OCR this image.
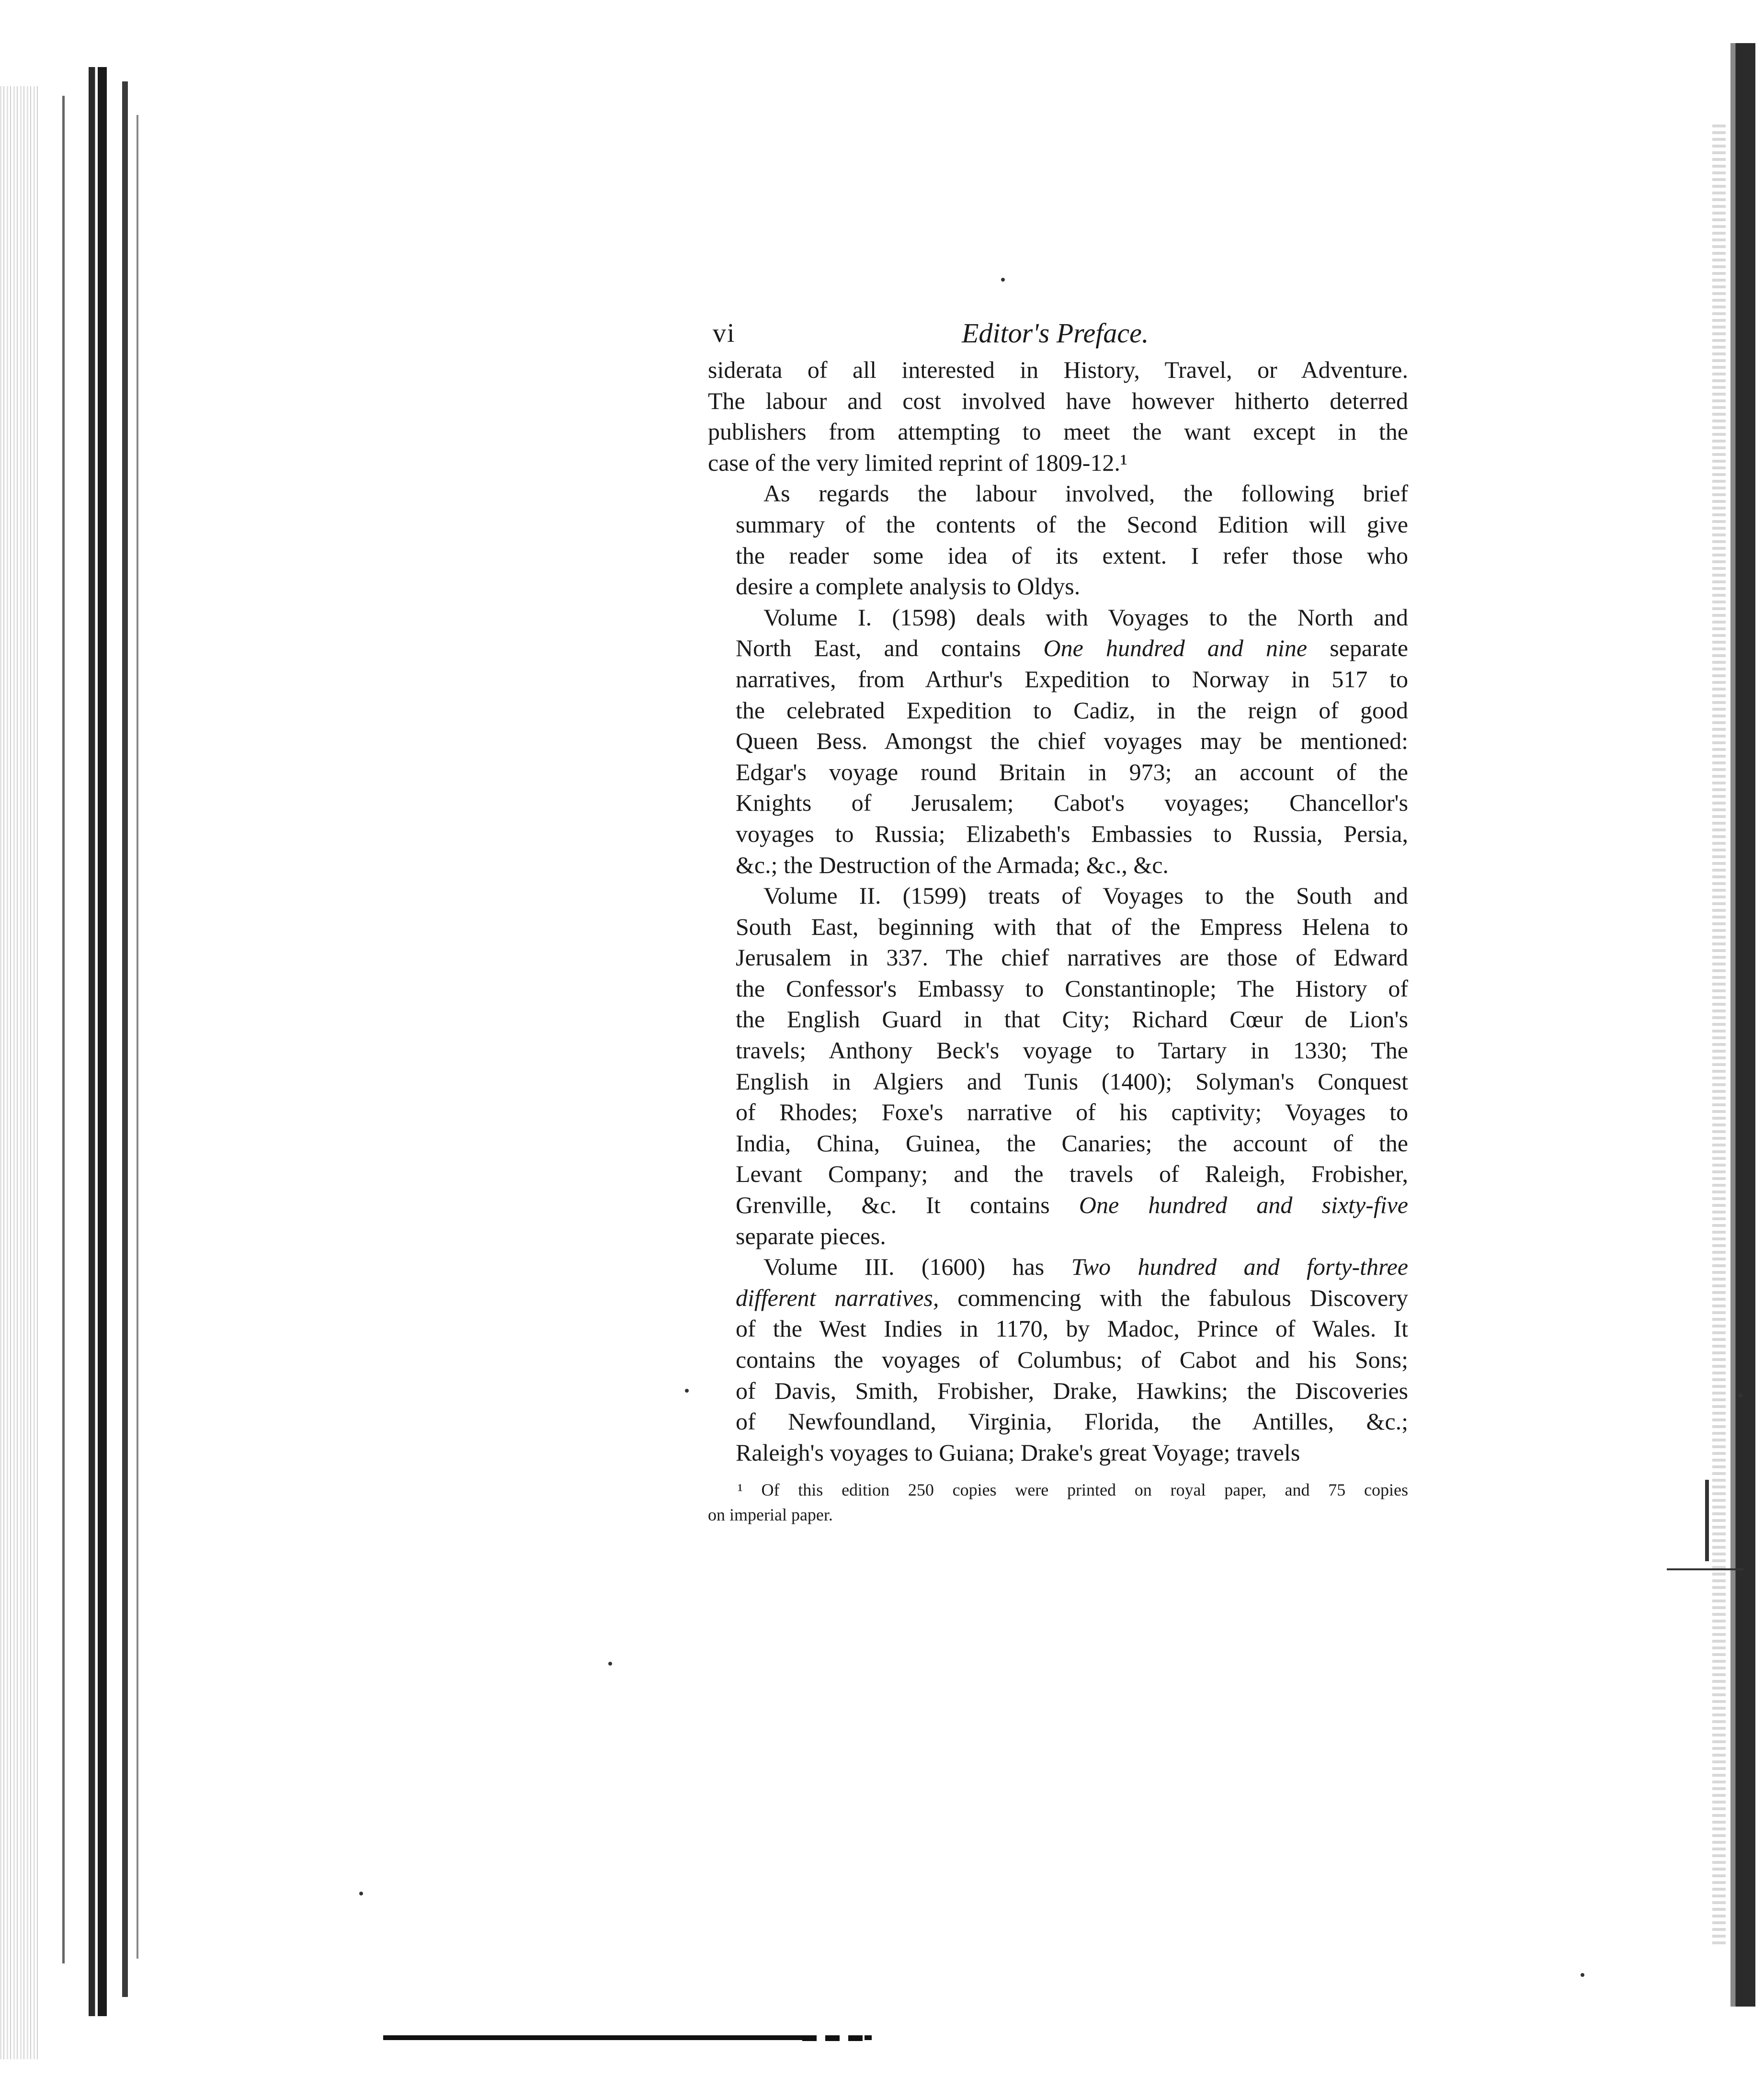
vi	Editor's Preface.

siderata of all interested in History, Travel, or Adventure.
The labour and cost involved have however hitherto deterred
publishers from attempting to meet the want except in the
case of the very limited reprint of 1809-12.¹

As regards the labour involved, the following brief
summary of the contents of the Second Edition will give
the reader some idea of its extent. I refer those who
desire a complete analysis to Oldys.

Volume I. (1598) deals with Voyages to the North and
North East, and contains One hundred and nine separate
narratives, from Arthur's Expedition to Norway in 517 to
the celebrated Expedition to Cadiz, in the reign of good
Queen Bess. Amongst the chief voyages may be mentioned:
Edgar's voyage round Britain in 973; an account of the
Knights of Jerusalem; Cabot's voyages; Chancellor's
voyages to Russia; Elizabeth's Embassies to Russia, Persia,
&c.; the Destruction of the Armada; &c., &c.

Volume II. (1599) treats of Voyages to the South and
South East, beginning with that of the Empress Helena to
Jerusalem in 337. The chief narratives are those of Edward
the Confessor's Embassy to Constantinople; The History of
the English Guard in that City; Richard Cœur de Lion's
travels; Anthony Beck's voyage to Tartary in 1330; The
English in Algiers and Tunis (1400); Solyman's Conquest
of Rhodes; Foxe's narrative of his captivity; Voyages to
India, China, Guinea, the Canaries; the account of the
Levant Company; and the travels of Raleigh, Frobisher,
Grenville, &c. It contains One hundred and sixty-five
separate pieces.

Volume III. (1600) has Two hundred and forty-three
different narratives, commencing with the fabulous Discovery
of the West Indies in 1170, by Madoc, Prince of Wales. It
contains the voyages of Columbus; of Cabot and his Sons;
of Davis, Smith, Frobisher, Drake, Hawkins; the Discoveries
of Newfoundland, Virginia, Florida, the Antilles, &c.;
Raleigh's voyages to Guiana; Drake's great Voyage; travels

¹ Of this edition 250 copies were printed on royal paper, and 75 copies
on imperial paper.
